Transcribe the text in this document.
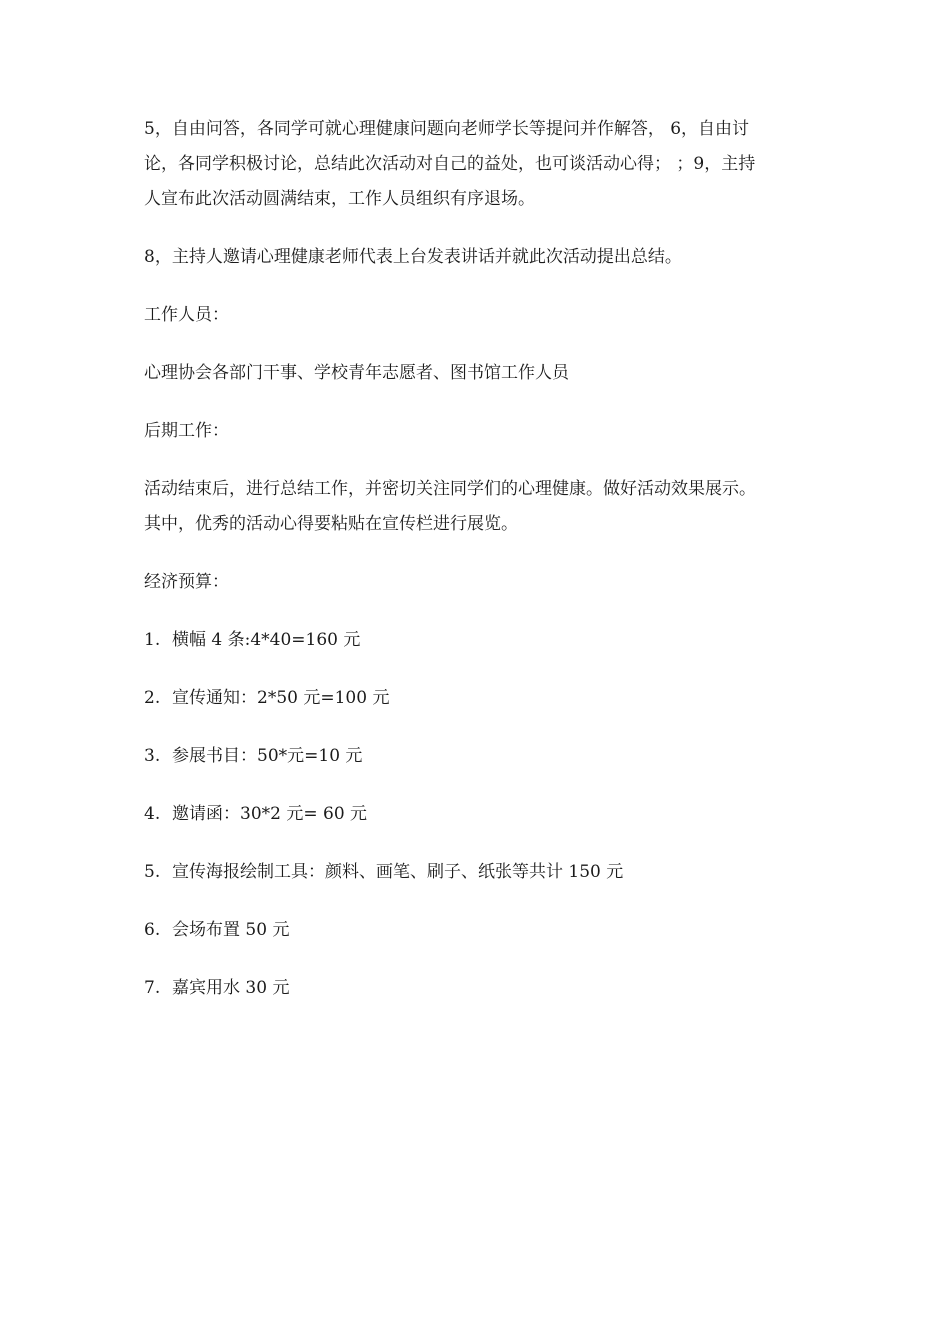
5，自由问答，各同学可就心理健康问题向老师学长等提问并作解答， 6，自由讨

论，各同学积极讨论，总结此次活动对自己的益处，也可谈活动心得； ；9，主持

人宣布此次活动圆满结束，工作人员组织有序退场。

8，主持人邀请心理健康老师代表上台发表讲话并就此次活动提出总结。

工作人员：

心理协会各部门干事、学校青年志愿者、图书馆工作人员

后期工作：

活动结束后，进行总结工作，并密切关注同学们的心理健康。做好活动效果展示。

其中，优秀的活动心得要粘贴在宣传栏进行展览。

经济预算：

1. 横幅 4 条:4*40=160 元
2. 宣传通知：2*50 元=100 元
3. 参展书目：50*元=10 元
4. 邀请函：30*2 元= 60 元
5. 宣传海报绘制工具：颜料、画笔、刷子、纸张等共计 150 元
6. 会场布置 50 元
7. 嘉宾用水 30 元
